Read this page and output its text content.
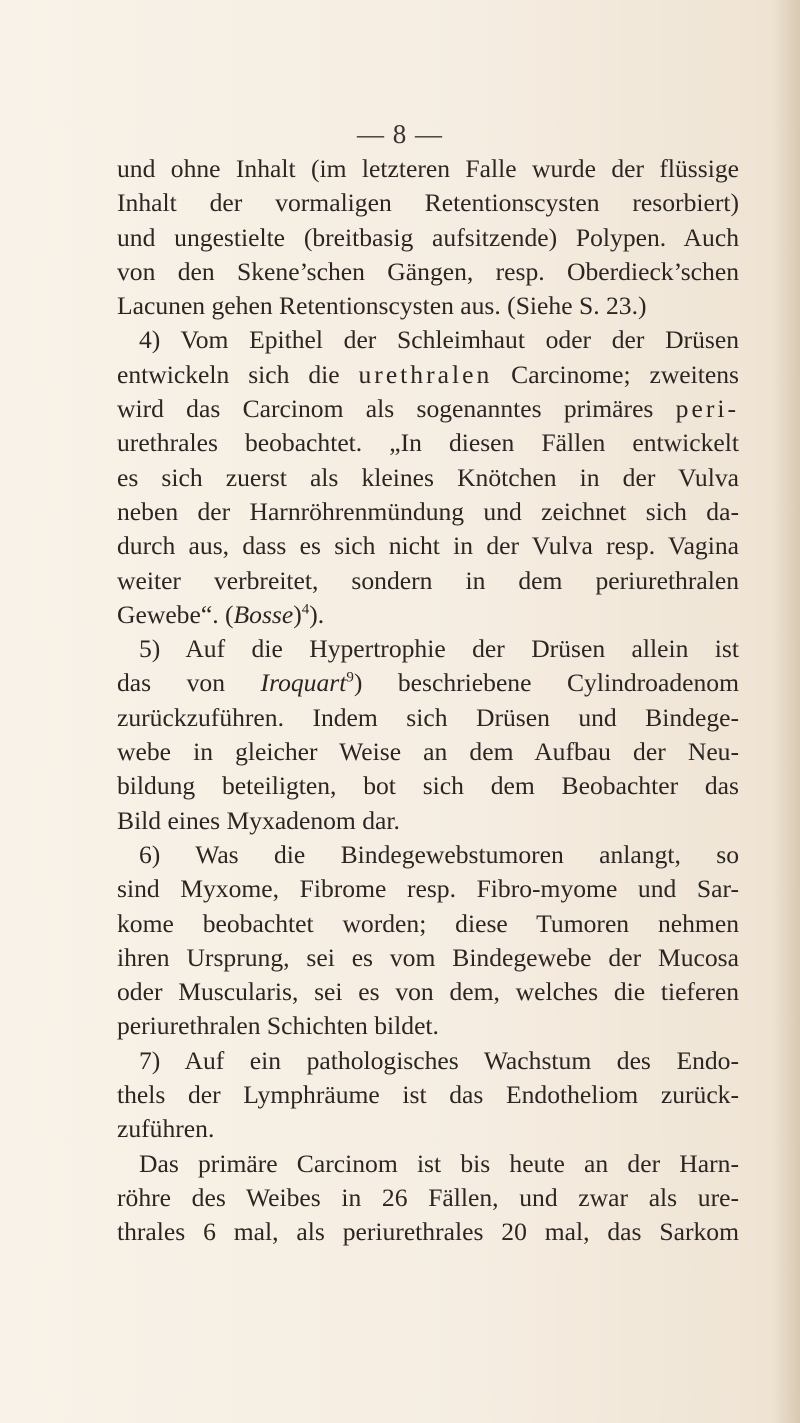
— 8 —
und ohne Inhalt (im letzteren Falle wurde der flüssige
Inhalt der vormaligen Retentionscysten resorbiert)
und ungestielte (breitbasig aufsitzende) Polypen. Auch
von den Skene’schen Gängen, resp. Oberdieck’schen
Lacunen gehen Retentionscysten aus. (Siehe S. 23.)
4) Vom Epithel der Schleimhaut oder der Drüsen
entwickeln sich die urethralen Carcinome; zweitens
wird das Carcinom als sogenanntes primäres peri-
urethrales beobachtet. „In diesen Fällen entwickelt
es sich zuerst als kleines Knötchen in der Vulva
neben der Harnröhrenmündung und zeichnet sich da-
durch aus, dass es sich nicht in der Vulva resp. Vagina
weiter verbreitet, sondern in dem periurethralen
Gewebe“. (Bosse)$^4$).
5) Auf die Hypertrophie der Drüsen allein ist
das von Iroquart$^9$) beschriebene Cylindroadenom
zurückzuführen. Indem sich Drüsen und Bindege-
webe in gleicher Weise an dem Aufbau der Neu-
bildung beteiligten, bot sich dem Beobachter das
Bild eines Myxadenom dar.
6) Was die Bindegewebstumoren anlangt, so
sind Myxome, Fibrome resp. Fibro-myome und Sar-
kome beobachtet worden; diese Tumoren nehmen
ihren Ursprung, sei es vom Bindegewebe der Mucosa
oder Muscularis, sei es von dem, welches die tieferen
periurethralen Schichten bildet.
7) Auf ein pathologisches Wachstum des Endo-
thels der Lymphräume ist das Endotheliom zurück-
zuführen.
Das primäre Carcinom ist bis heute an der Harn-
röhre des Weibes in 26 Fällen, und zwar als ure-
thrales 6 mal, als periurethrales 20 mal, das Sarkom
